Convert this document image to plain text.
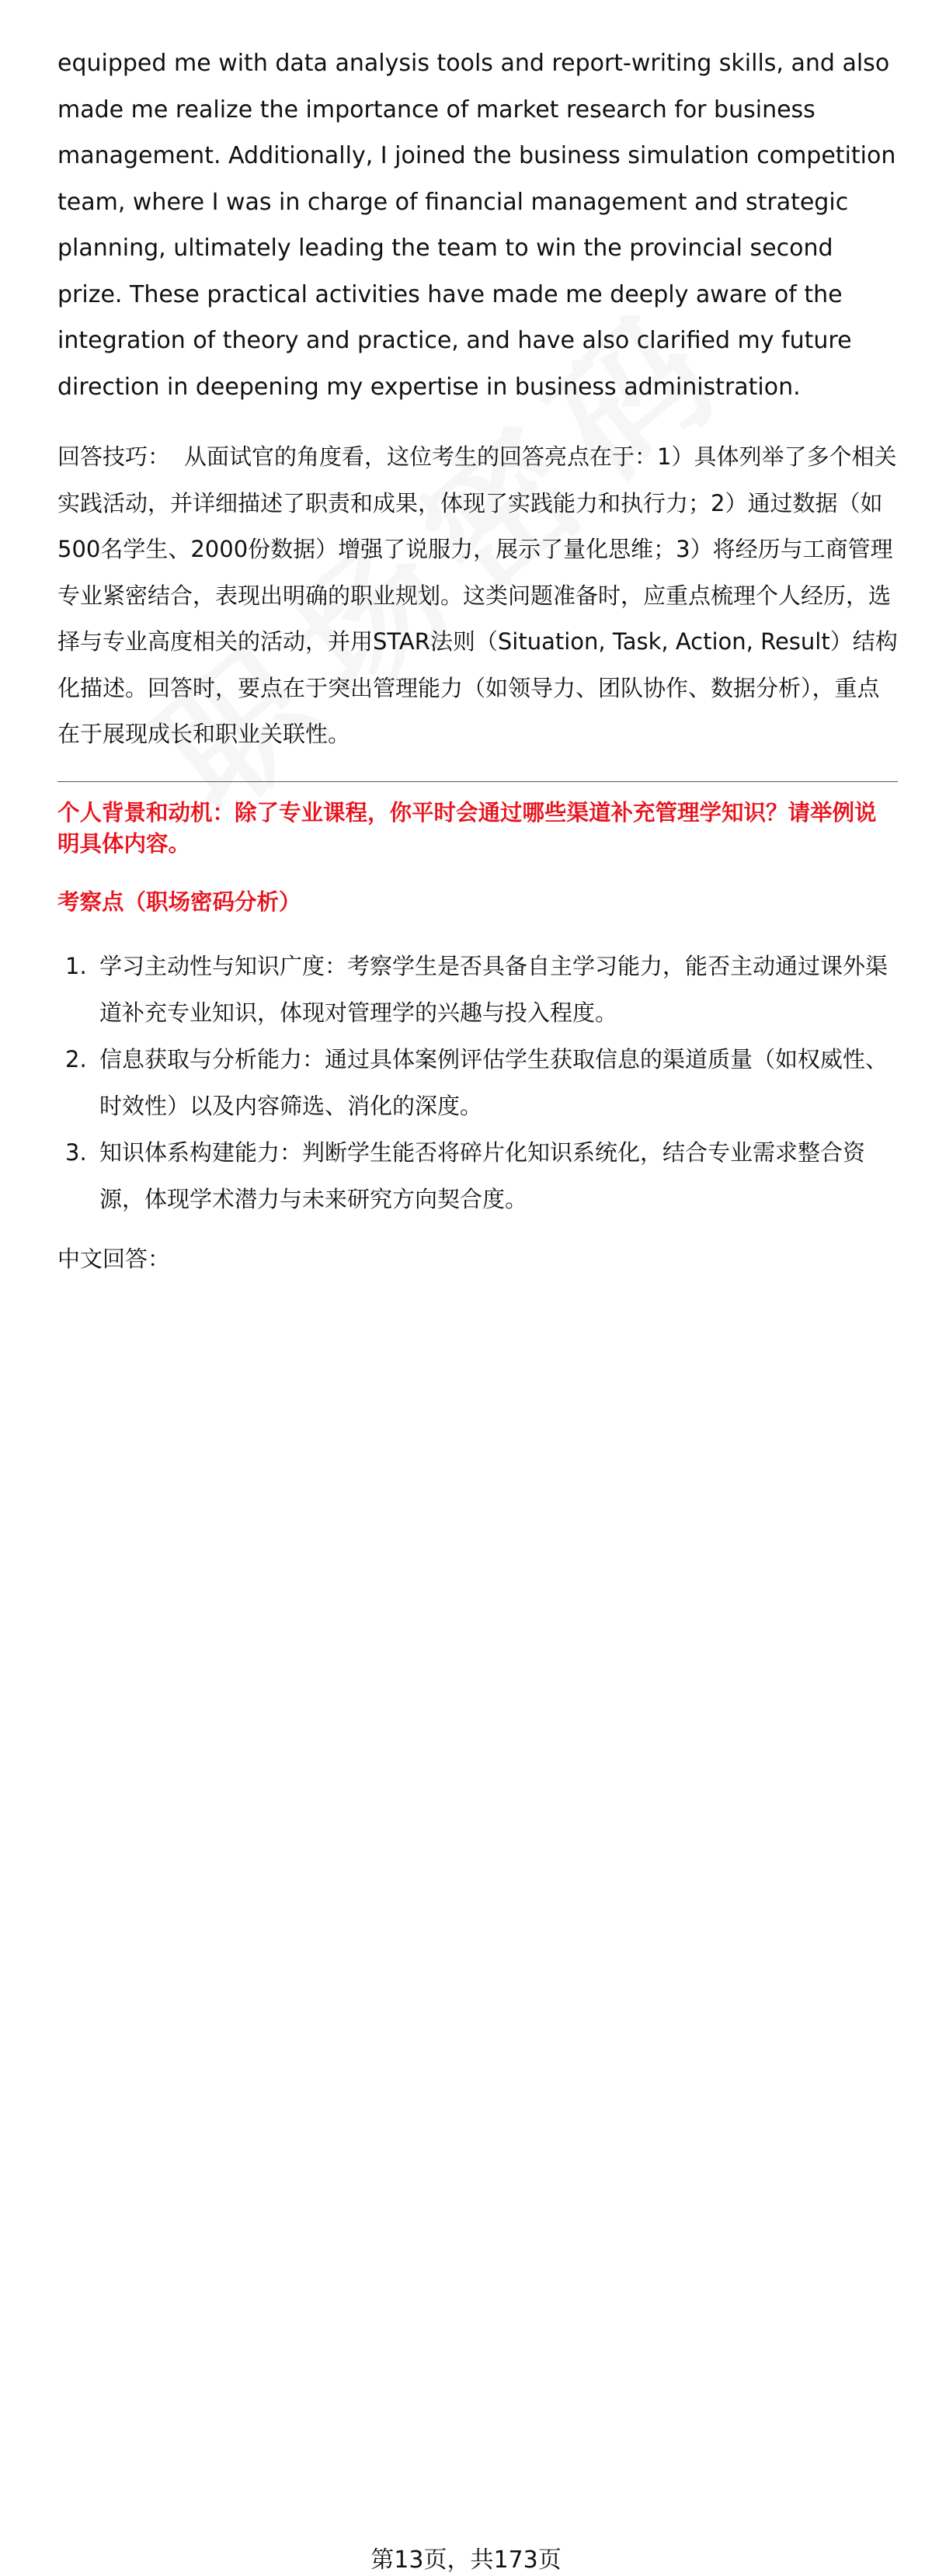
equipped me with data analysis tools and report-writing skills, and also made me realize the importance of market research for business management. Additionally, I joined the business simulation competition team, where I was in charge of financial management and strategic planning, ultimately leading the team to win the provincial second prize. These practical activities have made me deeply aware of the integration of theory and practice, and have also clarified my future direction in deepening my expertise in business administration.

回答技巧： 从面试官的角度看，这位考生的回答亮点在于：1）具体列举了多个相关实践活动，并详细描述了职责和成果，体现了实践能力和执行力；2）通过数据（如500名学生、2000份数据）增强了说服力，展示了量化思维；3）将经历与工商管理专业紧密结合，表现出明确的职业规划。这类问题准备时，应重点梳理个人经历，选择与专业高度相关的活动，并用STAR法则（Situation, Task, Action, Result）结构化描述。回答时，要点在于突出管理能力（如领导力、团队协作、数据分析），重点在于展现成长和职业关联性。
个人背景和动机：除了专业课程，你平时会通过哪些渠道补充管理学知识？请举例说明具体内容。
考察点（职场密码分析）
1. 学习主动性与知识广度：考察学生是否具备自主学习能力，能否主动通过课外渠道补充专业知识，体现对管理学的兴趣与投入程度。
2. 信息获取与分析能力：通过具体案例评估学生获取信息的渠道质量（如权威性、时效性）以及内容筛选、消化的深度。
3. 知识体系构建能力：判断学生能否将碎片化知识系统化，结合专业需求整合资源，体现学术潜力与未来研究方向契合度。
中文回答：
第13页，共173页
